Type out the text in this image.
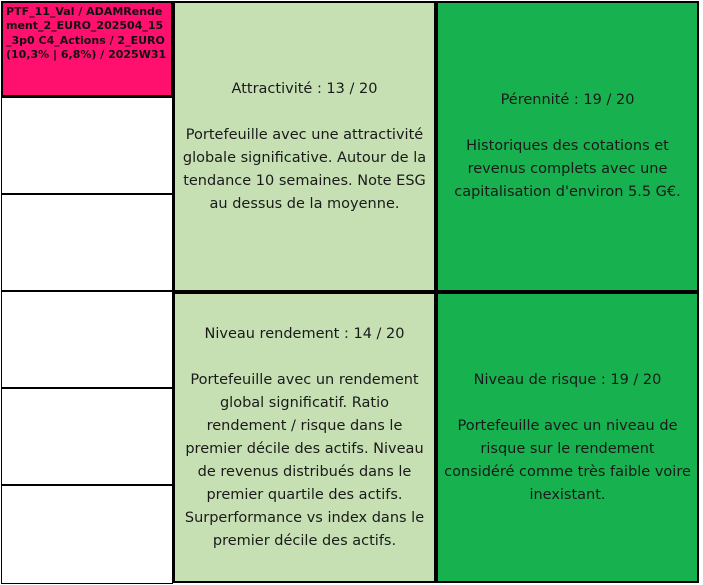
PTF_11_Val / ADAMRendement_2_EURO_202504_15_3p0 C4_Actions / 2_EURO (10,3% | 6,8%) / 2025W31
Attractivité : 13 / 20
Portefeuille avec une attractivité globale significative. Autour de la tendance 10 semaines. Note ESG au dessus de la moyenne.
Pérennité : 19 / 20
Historiques des cotations et revenus complets avec une capitalisation d'environ 5.5 G€.
Niveau rendement : 14 / 20
Portefeuille avec un rendement global significatif. Ratio rendement / risque dans le premier décile des actifs. Niveau de revenus distribués dans le premier quartile des actifs. Surperformance vs index dans le premier décile des actifs.
Niveau de risque : 19 / 20
Portefeuille avec un niveau de risque sur le rendement considéré comme très faible voire inexistant.
